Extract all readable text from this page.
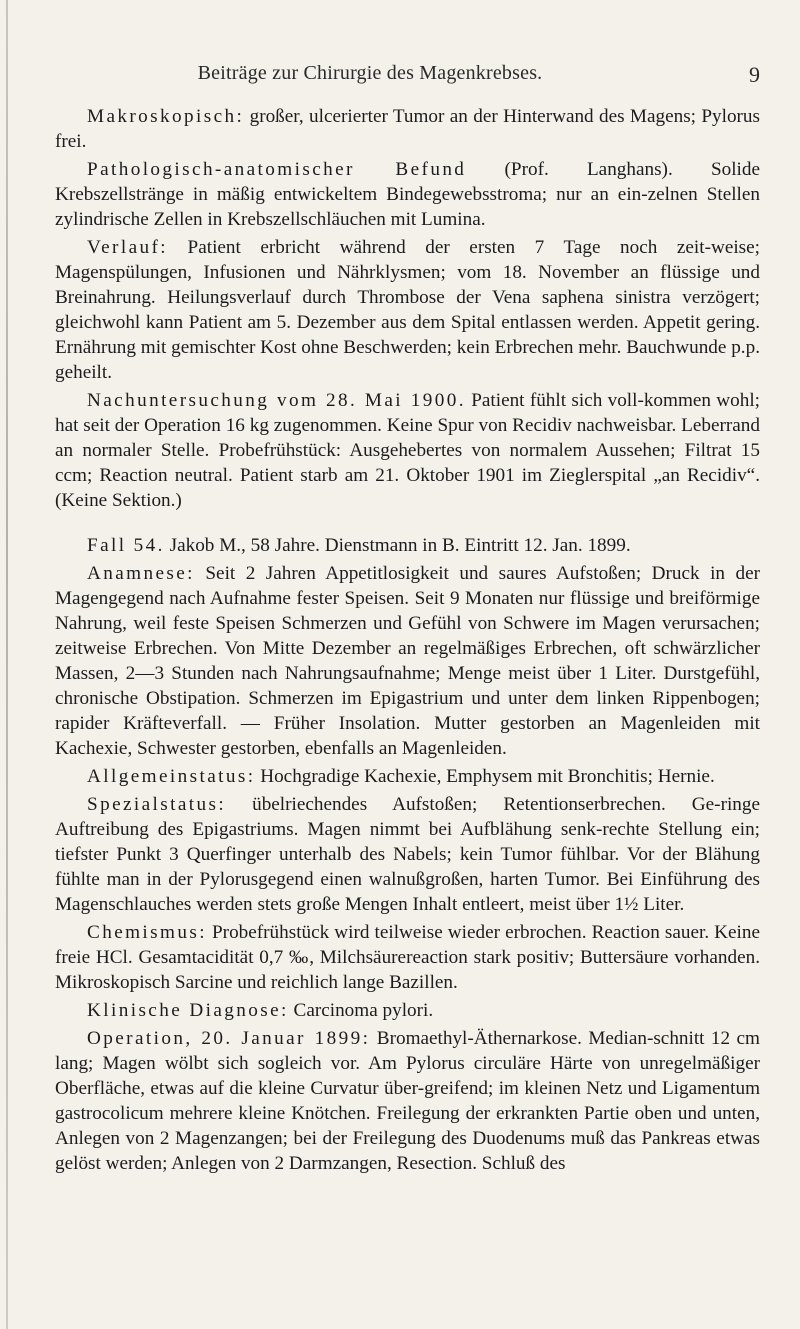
Beiträge zur Chirurgie des Magenkrebses.	9

Makroskopisch: großer, ulcerierter Tumor an der Hinterwand des Magens; Pylorus frei.

Pathologisch-anatomischer Befund (Prof. Langhans). Solide Krebszellstränge in mäßig entwickeltem Bindegewebsstroma; nur an ein-zelnen Stellen zylindrische Zellen in Krebszellschläuchen mit Lumina.

Verlauf: Patient erbricht während der ersten 7 Tage noch zeit-weise; Magenspülungen, Infusionen und Nährklysmen; vom 18. November an flüssige und Breinahrung. Heilungsverlauf durch Thrombose der Vena saphena sinistra verzögert; gleichwohl kann Patient am 5. Dezember aus dem Spital entlassen werden. Appetit gering. Ernährung mit gemischter Kost ohne Beschwerden; kein Erbrechen mehr. Bauchwunde p.p. geheilt.

Nachuntersuchung vom 28. Mai 1900. Patient fühlt sich voll-kommen wohl; hat seit der Operation 16 kg zugenommen. Keine Spur von Recidiv nachweisbar. Leberrand an normaler Stelle. Probefrühstück: Ausgehebertes von normalem Aussehen; Filtrat 15 ccm; Reaction neutral. Patient starb am 21. Oktober 1901 im Zieglerspital „an Recidiv“. (Keine Sektion.)

Fall 54. Jakob M., 58 Jahre. Dienstmann in B. Eintritt 12. Jan. 1899.

Anamnese: Seit 2 Jahren Appetitlosigkeit und saures Aufstoßen; Druck in der Magengegend nach Aufnahme fester Speisen. Seit 9 Monaten nur flüssige und breiförmige Nahrung, weil feste Speisen Schmerzen und Gefühl von Schwere im Magen verursachen; zeitweise Erbrechen. Von Mitte Dezember an regelmäßiges Erbrechen, oft schwärzlicher Massen, 2—3 Stunden nach Nahrungsaufnahme; Menge meist über 1 Liter. Durstgefühl, chronische Obstipation. Schmerzen im Epigastrium und unter dem linken Rippenbogen; rapider Kräfteverfall. — Früher Insolation. Mutter gestorben an Magenleiden mit Kachexie, Schwester gestorben, ebenfalls an Magenleiden.

Allgemeinstatus: Hochgradige Kachexie, Emphysem mit Bronchitis; Hernie.

Spezialstatus: übelriechendes Aufstoßen; Retentionserbrechen. Ge-ringe Auftreibung des Epigastriums. Magen nimmt bei Aufblähung senk-rechte Stellung ein; tiefster Punkt 3 Querfinger unterhalb des Nabels; kein Tumor fühlbar. Vor der Blähung fühlte man in der Pylorusgegend einen walnußgroßen, harten Tumor. Bei Einführung des Magenschlauches werden stets große Mengen Inhalt entleert, meist über 1½ Liter.

Chemismus: Probefrühstück wird teilweise wieder erbrochen. Reaction sauer. Keine freie HCl. Gesamtacidität 0,7 ‰, Milchsäurereaction stark positiv; Buttersäure vorhanden. Mikroskopisch Sarcine und reichlich lange Bazillen.

Klinische Diagnose: Carcinoma pylori.

Operation, 20. Januar 1899: Bromaethyl-Äthernarkose. Median-schnitt 12 cm lang; Magen wölbt sich sogleich vor. Am Pylorus circuläre Härte von unregelmäßiger Oberfläche, etwas auf die kleine Curvatur über-greifend; im kleinen Netz und Ligamentum gastrocolicum mehrere kleine Knötchen. Freilegung der erkrankten Partie oben und unten, Anlegen von 2 Magenzangen; bei der Freilegung des Duodenums muß das Pankreas etwas gelöst werden; Anlegen von 2 Darmzangen, Resection. Schluß des
